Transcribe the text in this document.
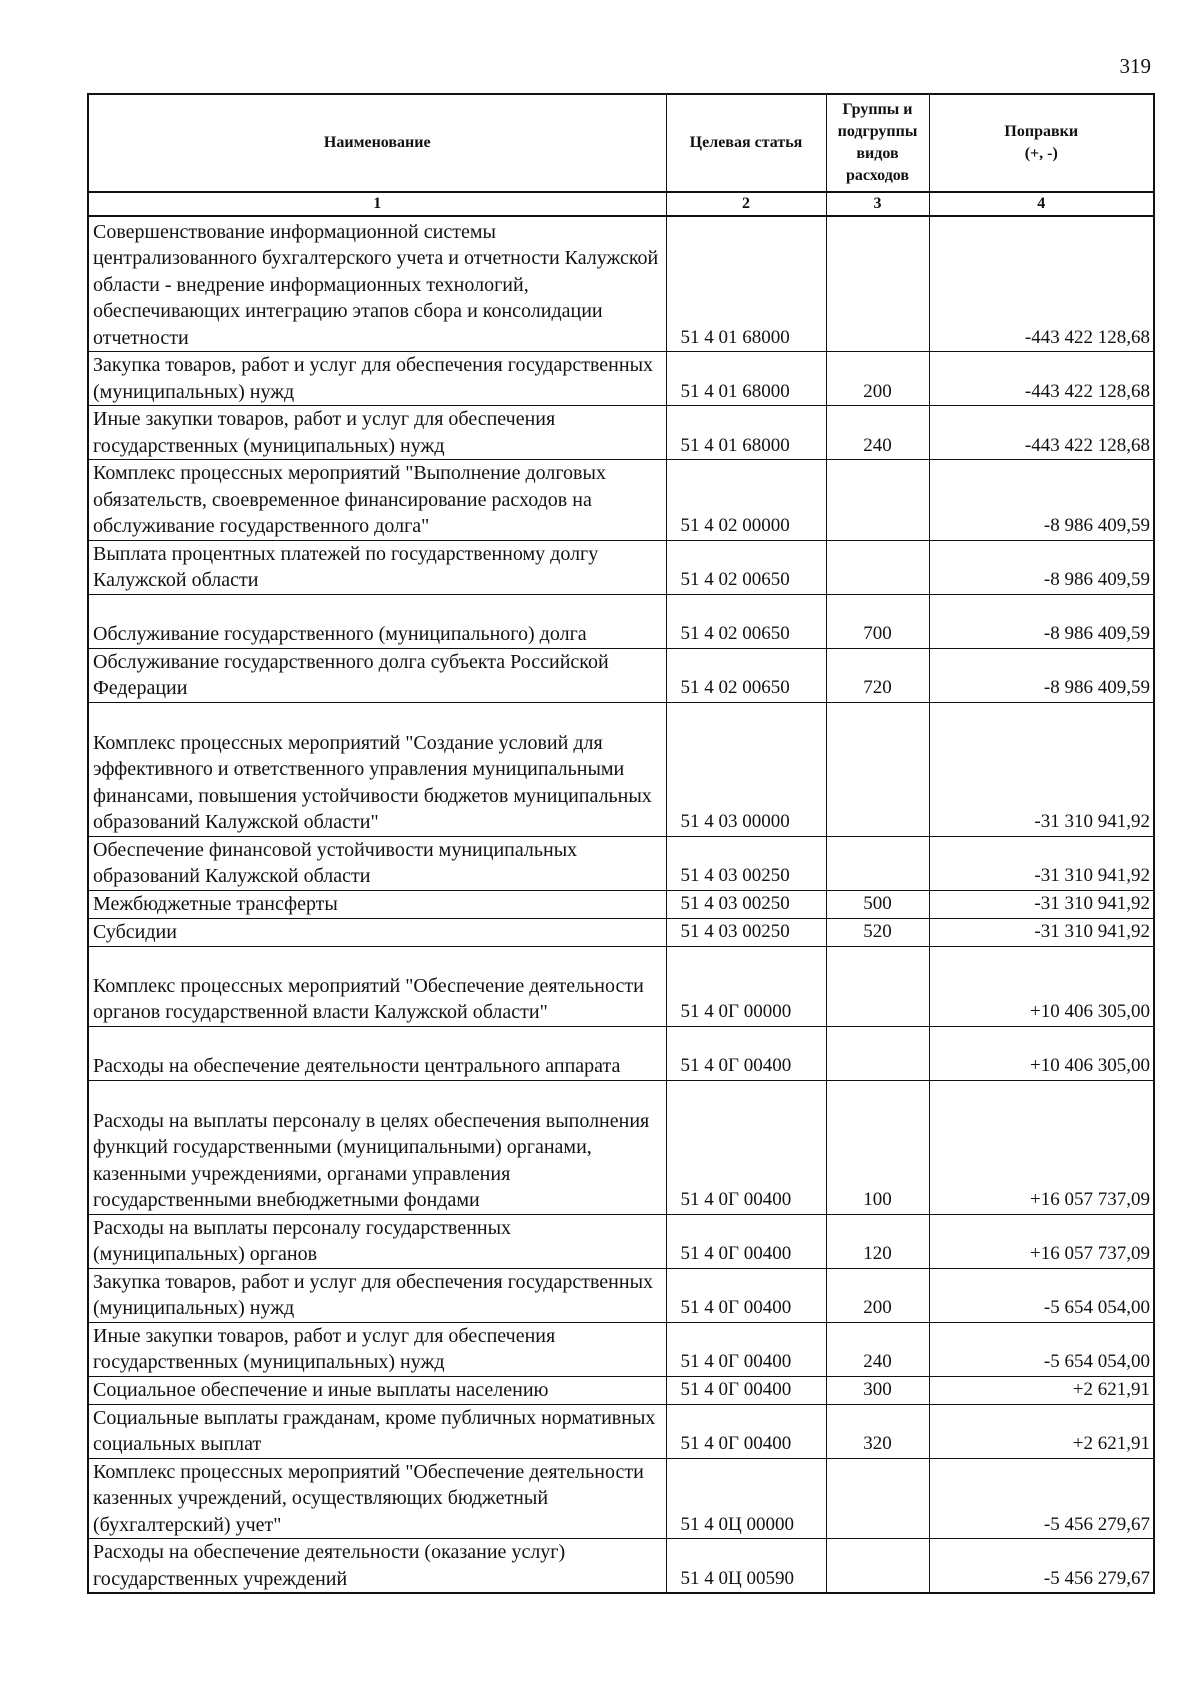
319
Наименование	Целевая статья	Группы и подгруппы видов расходов	Поправки
(+, -)

1	2	3	4
Совершенствование информационной системы централизованного бухгалтерского учета и отчетности Калужской области - внедрение информационных технологий, обеспечивающих интеграцию этапов сбора и консолидации отчетности	51 4 01 68000		-443 422 128,68
Закупка товаров, работ и услуг для обеспечения государственных (муниципальных) нужд	51 4 01 68000	200	-443 422 128,68
Иные закупки товаров, работ и услуг для обеспечения государственных (муниципальных) нужд	51 4 01 68000	240	-443 422 128,68
Комплекс процессных мероприятий "Выполнение долговых обязательств, своевременное финансирование расходов на обслуживание государственного долга"	51 4 02 00000		-8 986 409,59
Выплата процентных платежей по государственному долгу Калужской области	51 4 02 00650		-8 986 409,59
Обслуживание государственного (муниципального) долга	51 4 02 00650	700	-8 986 409,59
Обслуживание государственного долга субъекта Российской Федерации	51 4 02 00650	720	-8 986 409,59
Комплекс процессных мероприятий "Создание условий для эффективного и ответственного управления муниципальными финансами, повышения устойчивости бюджетов муниципальных образований Калужской области"	51 4 03 00000		-31 310 941,92
Обеспечение финансовой устойчивости муниципальных образований Калужской области	51 4 03 00250		-31 310 941,92
Межбюджетные трансферты	51 4 03 00250	500	-31 310 941,92
Субсидии	51 4 03 00250	520	-31 310 941,92
Комплекс процессных мероприятий "Обеспечение деятельности органов государственной власти Калужской области"	51 4 0Г 00000		+10 406 305,00
Расходы на обеспечение деятельности центрального аппарата	51 4 0Г 00400		+10 406 305,00
Расходы на выплаты персоналу в целях обеспечения выполнения функций государственными (муниципальными) органами, казенными учреждениями, органами управления государственными внебюджетными фондами	51 4 0Г 00400	100	+16 057 737,09
Расходы на выплаты персоналу государственных (муниципальных) органов	51 4 0Г 00400	120	+16 057 737,09
Закупка товаров, работ и услуг для обеспечения государственных (муниципальных) нужд	51 4 0Г 00400	200	-5 654 054,00
Иные закупки товаров, работ и услуг для обеспечения государственных (муниципальных) нужд	51 4 0Г 00400	240	-5 654 054,00
Социальное обеспечение и иные выплаты населению	51 4 0Г 00400	300	+2 621,91
Социальные выплаты гражданам, кроме публичных нормативных социальных выплат	51 4 0Г 00400	320	+2 621,91
Комплекс процессных мероприятий "Обеспечение деятельности казенных учреждений, осуществляющих бюджетный (бухгалтерский) учет"	51 4 0Ц 00000		-5 456 279,67
Расходы на обеспечение деятельности (оказание услуг) государственных учреждений	51 4 0Ц 00590		-5 456 279,67
